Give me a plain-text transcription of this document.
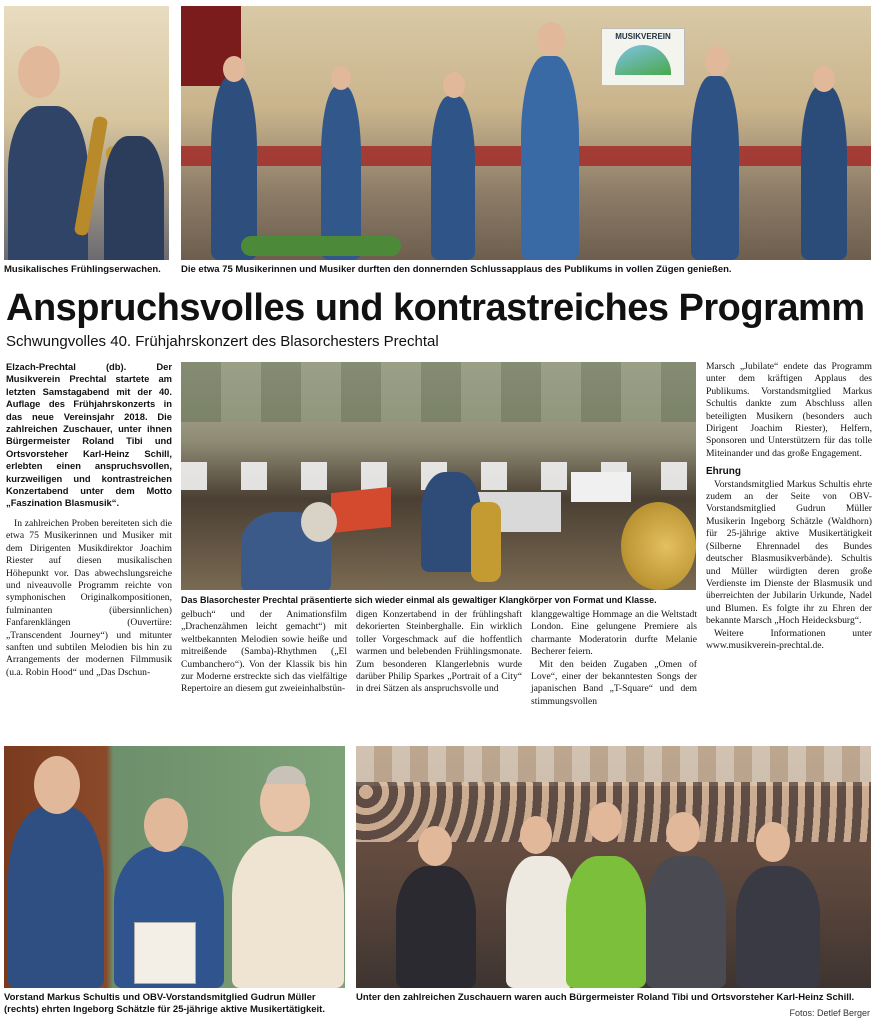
Musikalisches Frühlingserwachen.
MUSIKVEREIN
Die etwa 75 Musikerinnen und Musiker durften den donnernden Schlussapplaus des Publikums in vollen Zügen genießen.
Anspruchsvolles und kontrastreiches Programm
Schwungvolles 40. Frühjahrskonzert des Blasorchesters Prechtal

Elzach-Prechtal (db). Der Musikverein Prechtal startete am letzten Samstagabend mit der 40. Auflage des Frühjahrskonzerts in das neue Vereinsjahr 2018. Die zahlreichen Zuschauer, unter ihnen Bürgermeister Roland Tibi und Ortsvorsteher Karl-Heinz Schill, erlebten einen anspruchsvollen, kurzweiligen und kontrastreichen Konzertabend unter dem Motto „Faszination Blasmusik“.

In zahlreichen Proben bereiteten sich die etwa 75 Musikerinnen und Musiker mit dem Dirigenten Musikdirektor Joachim Riester auf diesen musikalischen Höhepunkt vor. Das abwechslungsreiche und niveauvolle Programm reichte von symphonischen Originalkompositionen, fulminanten (übersinnlichen) Fanfarenklängen (Ouvertüre: „Transcendent Journey“) und mitunter sanften und subtilen Melodien bis hin zu Arrangements der modernen Filmmusik (u.a. Robin Hood“ und „Das Dschun-

Das Blasorchester Prechtal präsentierte sich wieder einmal als gewaltiger Klangkörper von Format und Klasse.

gelbuch“ und der Animationsfilm „Drachenzähmen leicht gemacht“) mit weltbekannten Melodien sowie heiße und mitreißende (Samba)-Rhythmen („El Cumbanchero“). Von der Klassik bis hin zur Moderne erstreckte sich das vielfältige Repertoire an diesem gut zweieinhalbstün-

digen Konzertabend in der frühlingshaft dekorierten Steinberghalle. Ein wirklich toller Vorgeschmack auf die hoffentlich warmen und belebenden Frühlingsmonate. Zum besonderen Klangerlebnis wurde darüber Philip Sparkes „Portrait of a City“ in drei Sätzen als anspruchsvolle und

klanggewaltige Hommage an die Weltstadt London. Eine gelungene Premiere als charmante Moderatorin durfte Melanie Becherer feiern.

Mit den beiden Zugaben „Omen of Love“, einer der bekanntesten Songs der japanischen Band „T-Square“ und dem stimmungsvollen

Marsch „Jubilate“ endete das Programm unter dem kräftigen Applaus des Publikums. Vorstandsmitglied Markus Schultis dankte zum Abschluss allen beteiligten Musikern (besonders auch Dirigent Joachim Riester), Helfern, Sponsoren und Unterstützern für das tolle Miteinander und das große Engagement.

Ehrung

Vorstandsmitglied Markus Schultis ehrte zudem an der Seite von OBV-Vorstandsmitglied Gudrun Müller Musikerin Ingeborg Schätzle (Waldhorn) für 25-jährige aktive Musikertätigkeit (Silberne Ehrennadel des Bundes deutscher Blasmusikverbände). Schultis und Müller würdigten deren große Verdienste im Dienste der Blasmusik und überreichten der Jubilarin Urkunde, Nadel und Blumen. Es folgte ihr zu Ehren der bekannte Marsch „Hoch Heidecksburg“.

Weitere Informationen unter www.musikverein-prechtal.de.

Vorstand Markus Schultis und OBV-Vorstandsmitglied Gudrun Müller (rechts) ehrten Ingeborg Schätzle für 25-jährige aktive Musikertätigkeit.
Unter den zahlreichen Zuschauern waren auch Bürgermeister Roland Tibi und Ortsvorsteher Karl-Heinz Schill.
Fotos: Detlef Berger
